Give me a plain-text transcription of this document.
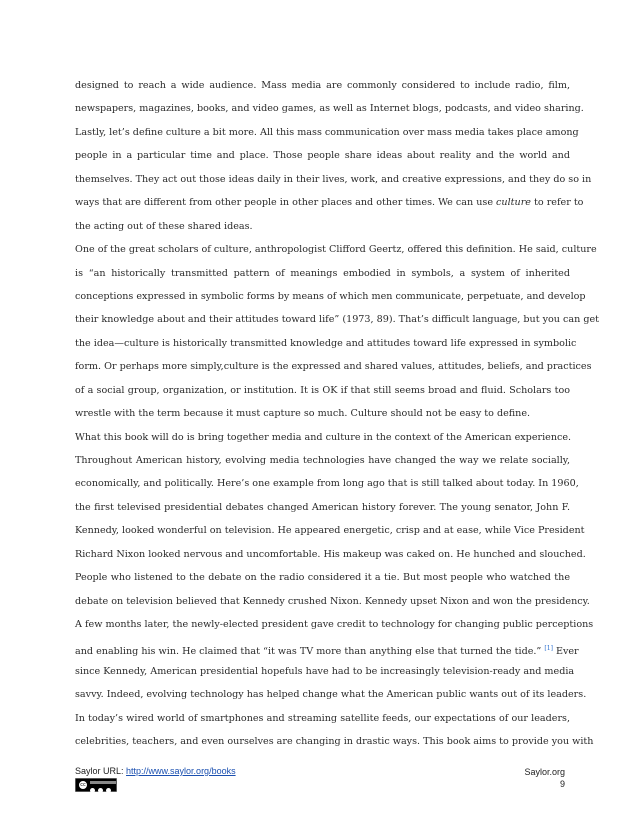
designed to reach a wide audience. Mass media are commonly considered to include radio, film,
newspapers, magazines, books, and video games, as well as Internet blogs, podcasts, and video sharing.
Lastly, let’s define culture a bit more. All this mass communication over mass media takes place among
people in a particular time and place. Those people share ideas about reality and the world and
themselves. They act out those ideas daily in their lives, work, and creative expressions, and they do so in
ways that are different from other people in other places and other times. We can use culture to refer to
the acting out of these shared ideas.
One of the great scholars of culture, anthropologist Clifford Geertz, offered this definition. He said, culture
is “an historically transmitted pattern of meanings embodied in symbols, a system of inherited
conceptions expressed in symbolic forms by means of which men communicate, perpetuate, and develop
their knowledge about and their attitudes toward life” (1973, 89). That’s difficult language, but you can get
the idea—culture is historically transmitted knowledge and attitudes toward life expressed in symbolic
form. Or perhaps more simply,culture is the expressed and shared values, attitudes, beliefs, and practices
of a social group, organization, or institution. It is OK if that still seems broad and fluid. Scholars too
wrestle with the term because it must capture so much. Culture should not be easy to define.
What this book will do is bring together media and culture in the context of the American experience.
Throughout American history, evolving media technologies have changed the way we relate socially,
economically, and politically. Here’s one example from long ago that is still talked about today. In 1960,
the first televised presidential debates changed American history forever. The young senator, John F.
Kennedy, looked wonderful on television. He appeared energetic, crisp and at ease, while Vice President
Richard Nixon looked nervous and uncomfortable. His makeup was caked on. He hunched and slouched.
People who listened to the debate on the radio considered it a tie. But most people who watched the
debate on television believed that Kennedy crushed Nixon. Kennedy upset Nixon and won the presidency.
A few months later, the newly-elected president gave credit to technology for changing public perceptions
and enabling his win. He claimed that “it was TV more than anything else that turned the tide.” [1] Ever
since Kennedy, American presidential hopefuls have had to be increasingly television-ready and media
savvy. Indeed, evolving technology has helped change what the American public wants out of its leaders.
In today’s wired world of smartphones and streaming satellite feeds, our expectations of our leaders,
celebrities, teachers, and even ourselves are changing in drastic ways. This book aims to provide you with
Saylor URL: http://www.saylor.org/books
cc
Saylor.org
9
